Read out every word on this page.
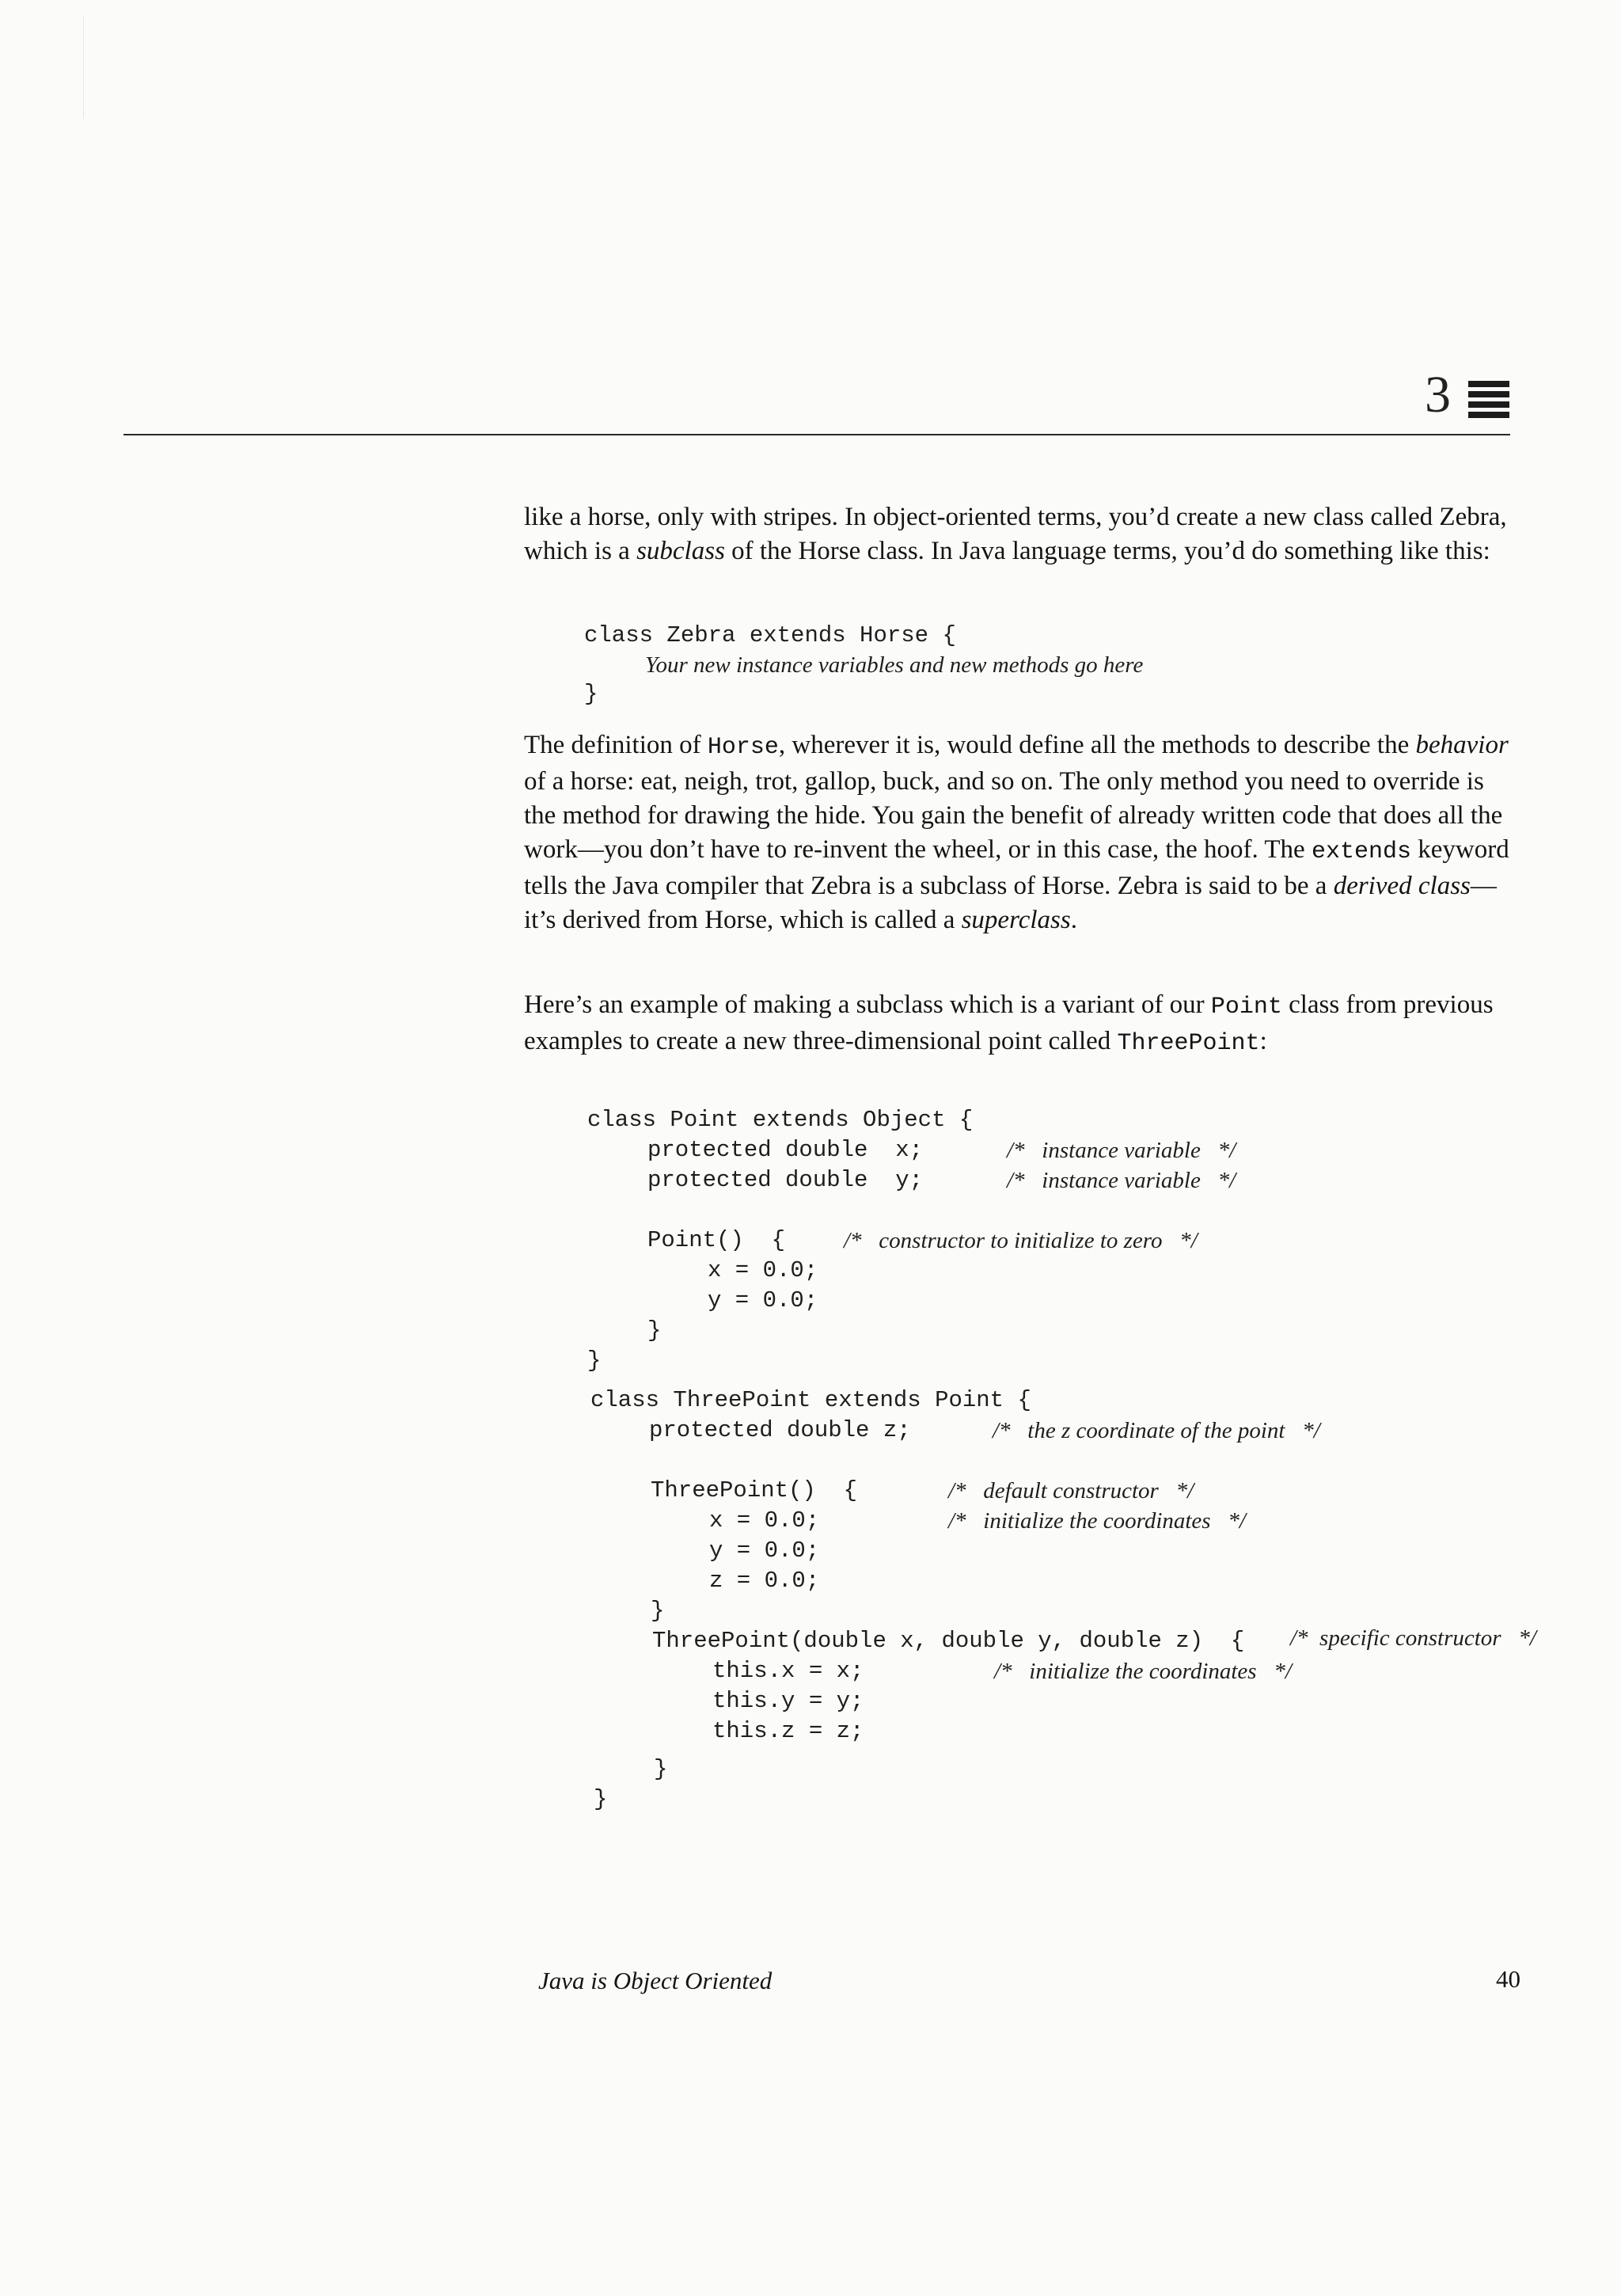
3

like a horse, only with stripes. In object-oriented terms, you’d create a new class called Zebra, which is a subclass of the Horse class. In Java language terms, you’d do something like this:

class Zebra extends Horse {
Your new instance variables and new methods go here
}

The definition of Horse, wherever it is, would define all the methods to describe the behavior of a horse: eat, neigh, trot, gallop, buck, and so on. The only method you need to override is the method for drawing the hide. You gain the benefit of already written code that does all the work—you don’t have to re-invent the wheel, or in this case, the hoof. The extends keyword tells the Java compiler that Zebra is a subclass of Horse. Zebra is said to be a derived class—it’s derived from Horse, which is called a superclass.

Here’s an example of making a subclass which is a variant of our Point class from previous examples to create a new three-dimensional point called ThreePoint:

class Point extends Object {
protected double  x;	/*   instance variable   */
protected double  y;	/*   instance variable   */
Point()  {	/*   constructor to initialize to zero   */
x = 0.0;
y = 0.0;
}
}
class ThreePoint extends Point {
protected double z;	/*   the z coordinate of the point   */
ThreePoint()  {	/*   default constructor   */
x = 0.0;	/*   initialize the coordinates   */
y = 0.0;
z = 0.0;
}
ThreePoint(double x, double y, double z)  { /*  specific constructor   */
this.x = x;	/*   initialize the coordinates   */
this.y = y;
this.z = z;
}
}
Java is Object Oriented	40
